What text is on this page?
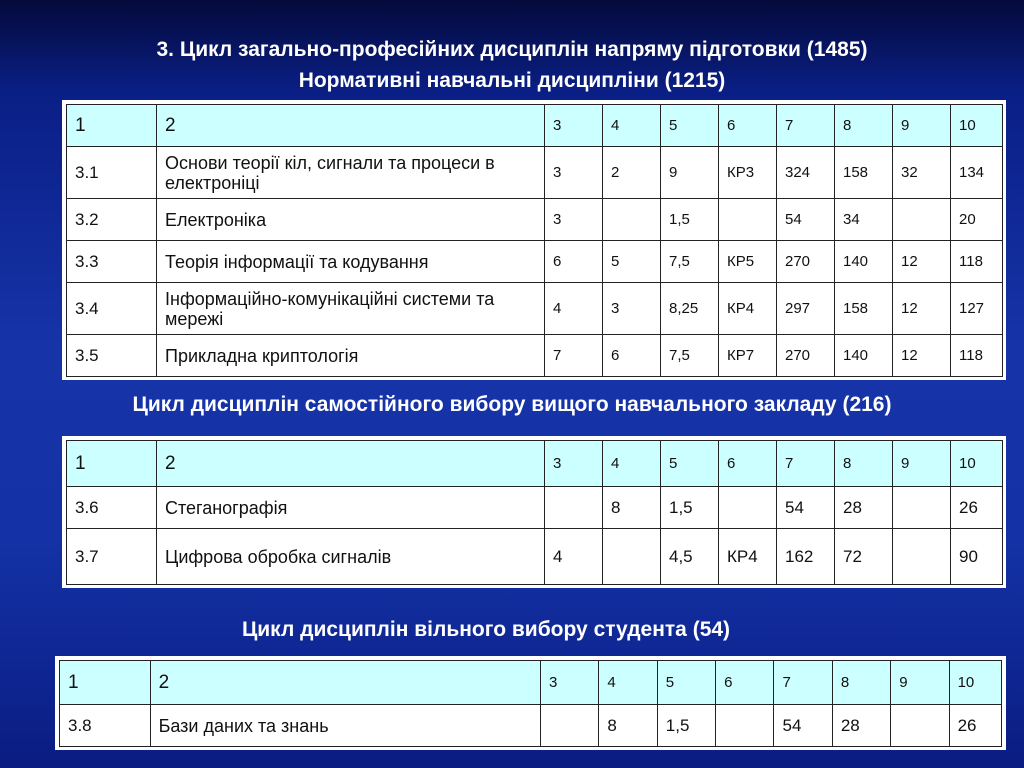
3. Цикл загально-професійних дисциплін напряму підготовки (1485)
Нормативні навчальні дисципліни (1215)
1	2	3	4	5	6	7	8	9	10
3.1	Основи теорії кіл, сигнали та процеси в електроніці	3	2	9	КР3	324	158	32	134
3.2	Електроніка	3		1,5		54	34		20
3.3	Теорія інформації та кодування	6	5	7,5	КР5	270	140	12	118
3.4	Інформаційно-комунікаційні системи та мережі	4	3	8,25	КР4	297	158	12	127
3.5	Прикладна криптологія	7	6	7,5	КР7	270	140	12	118
Цикл дисциплін самостійного вибору вищого навчального закладу (216)
1	2	3	4	5	6	7	8	9	10
3.6	Стеганографія		8	1,5		54	28		26
3.7	Цифрова обробка сигналів	4		4,5	КР4	162	72		90
Цикл дисциплін вільного вибору студента (54)
1	2	3	4	5	6	7	8	9	10
3.8	Бази даних та знань		8	1,5		54	28		26
